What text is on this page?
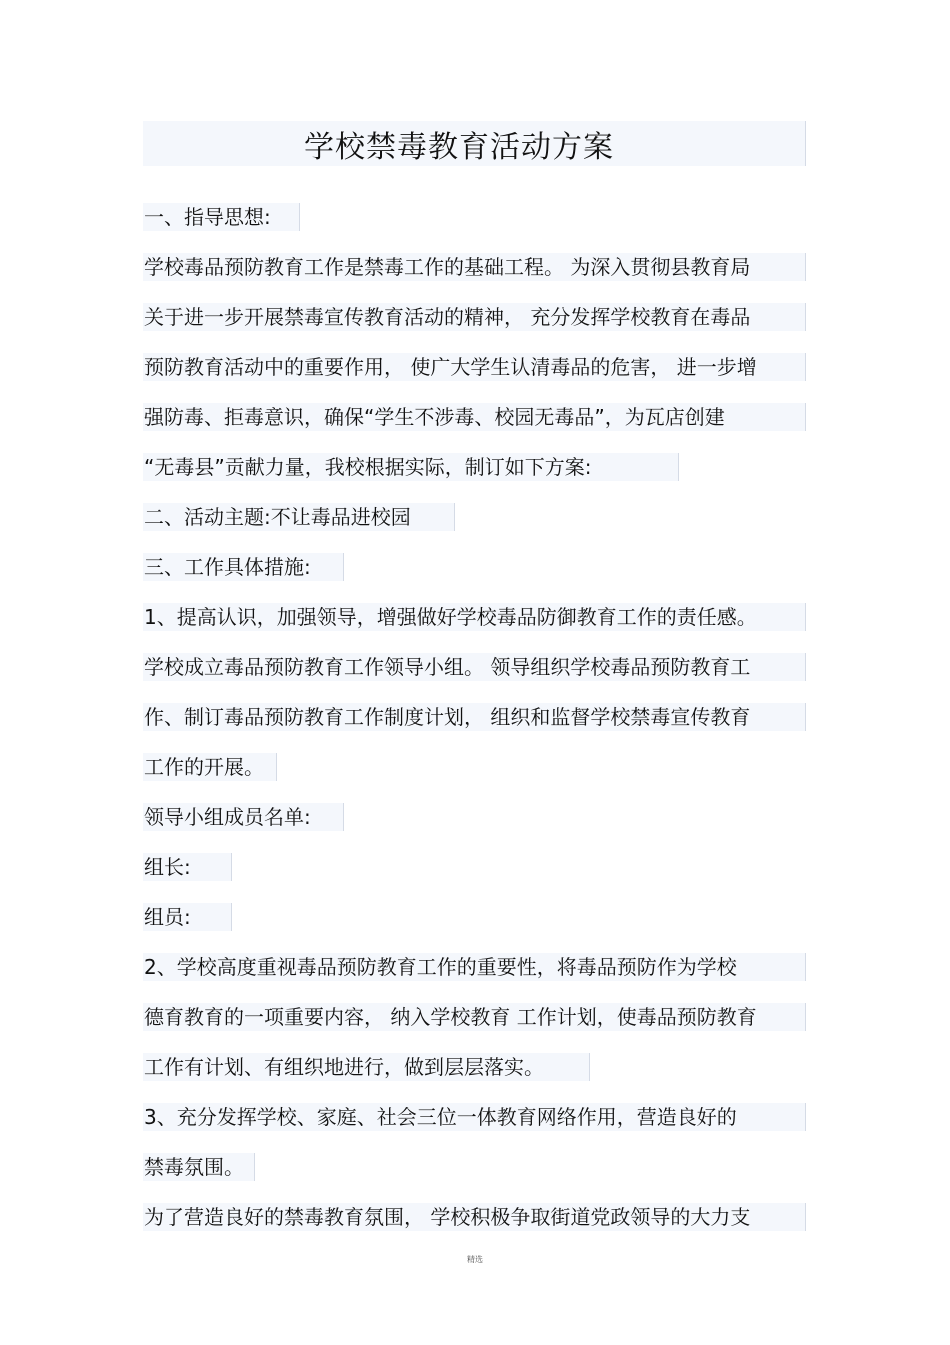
学校禁毒教育活动方案
一、指导思想:
学校毒品预防教育工作是禁毒工作的基础工程。 为深入贯彻县教育局
关于进一步开展禁毒宣传教育活动的精神， 充分发挥学校教育在毒品
预防教育活动中的重要作用， 使广大学生认清毒品的危害， 进一步增
强防毒、拒毒意识，确保“学生不涉毒、校园无毒品”，为瓦店创建
“无毒县”贡献力量，我校根据实际，制订如下方案:
二、活动主题:不让毒品进校园
三、工作具体措施:
1、提高认识，加强领导，增强做好学校毒品防御教育工作的责任感。
学校成立毒品预防教育工作领导小组。 领导组织学校毒品预防教育工
作、制订毒品预防教育工作制度计划， 组织和监督学校禁毒宣传教育
工作的开展。
领导小组成员名单:
组长:
组员:
2、学校高度重视毒品预防教育工作的重要性，将毒品预防作为学校
德育教育的一项重要内容， 纳入学校教育 工作计划，使毒品预防教育
工作有计划、有组织地进行，做到层层落实。
3、充分发挥学校、家庭、社会三位一体教育网络作用，营造良好的
禁毒氛围。
为了营造良好的禁毒教育氛围， 学校积极争取街道党政领导的大力支
精选
